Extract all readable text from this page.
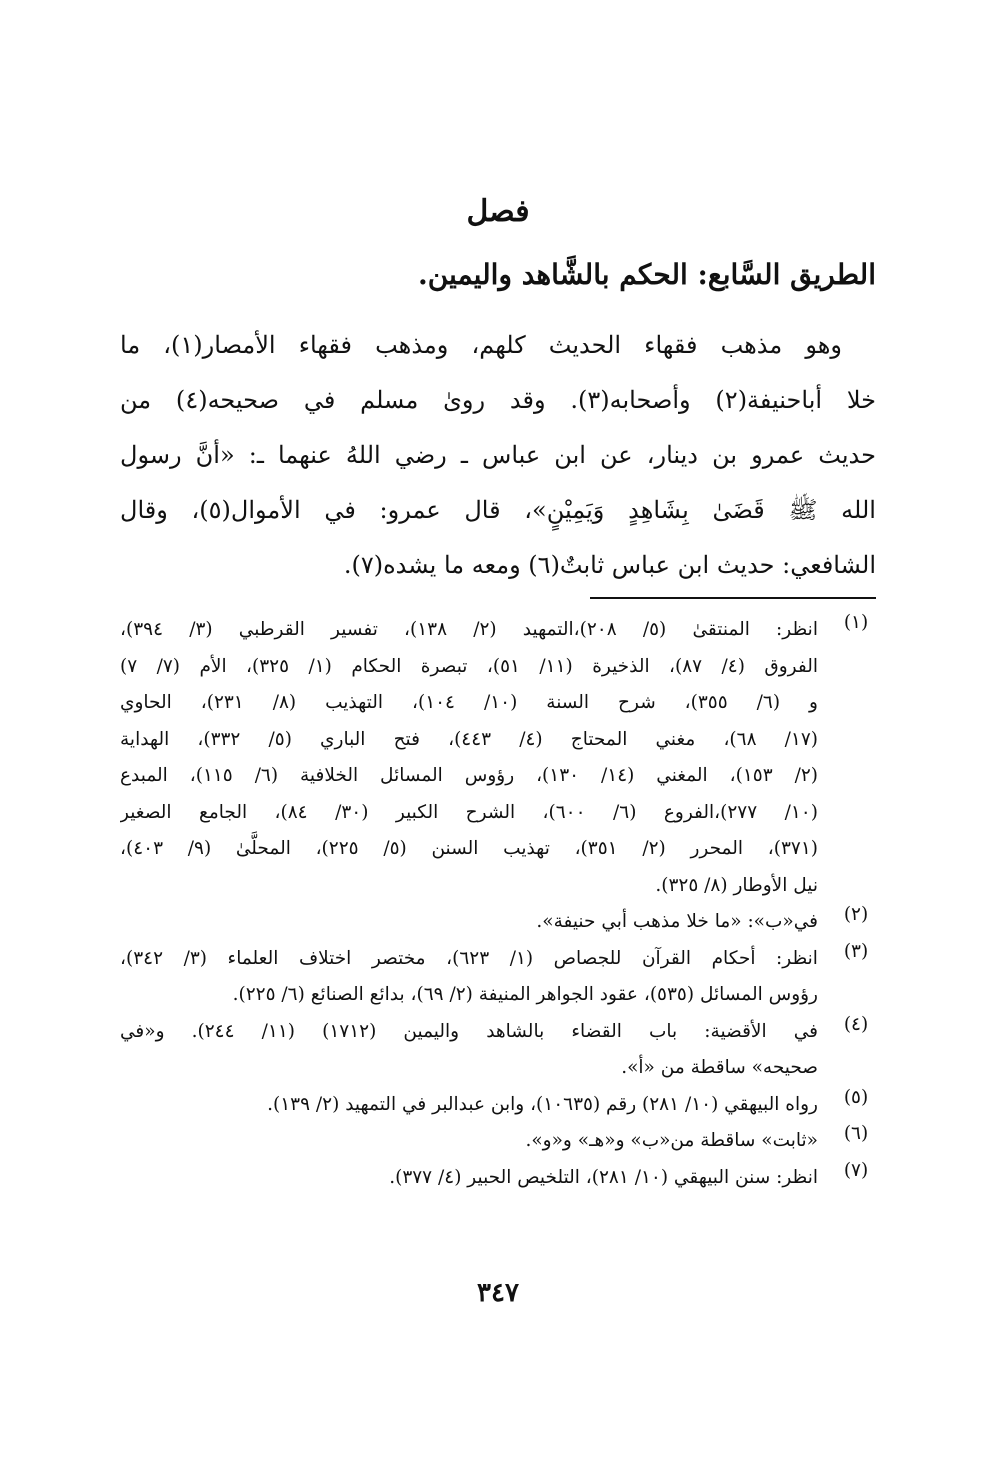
فصل
الطريق السَّابع: الحكم بالشَّاهد واليمين.
وهو مذهب فقهاء الحديث كلهم، ومذهب فقهاء الأمصار(١)، ما
خلا أباحنيفة(٢) وأصحابه(٣). وقد روىٰ مسلم في صحيحه(٤) من
حديث عمرو بن دينار، عن ابن عباس ـ رضي اللهُ عنهما ـ: «أنَّ رسول
الله ﷺ قَضَىٰ بِشَاهِدٍ وَيَمِيْنٍ»، قال عمرو: في الأموال(٥)، وقال
الشافعي: حديث ابن عباس ثابتٌ(٦) ومعه ما يشده(٧).
(١)
انظر: المنتقىٰ (٥/ ٢٠٨)،التمهيد (٢/ ١٣٨)، تفسير القرطبي (٣/ ٣٩٤)،
الفروق (٤/ ٨٧)، الذخيرة (١١/ ٥١)، تبصرة الحكام (١/ ٣٢٥)، الأم (٧/ ٧)
و (٦/ ٣٥٥)، شرح السنة (١٠/ ١٠٤)، التهذيب (٨/ ٢٣١)، الحاوي
(١٧/ ٦٨)، مغني المحتاج (٤/ ٤٤٣)، فتح الباري (٥/ ٣٣٢)، الهداية
(٢/ ١٥٣)، المغني (١٤/ ١٣٠)، رؤوس المسائل الخلافية (٦/ ١١٥)، المبدع
(١٠/ ٢٧٧)،الفروع (٦/ ٦٠٠)، الشرح الكبير (٣٠/ ٨٤)، الجامع الصغير
(٣٧١)، المحرر (٢/ ٣٥١)، تهذيب السنن (٥/ ٢٢٥)، المحلَّىٰ (٩/ ٤٠٣)،
نيل الأوطار (٨/ ٣٢٥).
(٢)
في«ب»: «ما خلا مذهب أبي حنيفة».
(٣)
انظر: أحكام القرآن للجصاص (١/ ٦٢٣)، مختصر اختلاف العلماء (٣/ ٣٤٢)،
رؤوس المسائل (٥٣٥)، عقود الجواهر المنيفة (٢/ ٦٩)، بدائع الصنائع (٦/ ٢٢٥).
(٤)
في الأقضية: باب القضاء بالشاهد واليمين (١٧١٢) (١١/ ٢٤٤). و«في
صحيحه» ساقطة من «أ».
(٥)
رواه البيهقي (١٠/ ٢٨١) رقم (١٠٦٣٥)، وابن عبدالبر في التمهيد (٢/ ١٣٩).
(٦)
«ثابت» ساقطة من«ب» و«هـ» و«و».
(٧)
انظر: سنن البيهقي (١٠/ ٢٨١)، التلخيص الحبير (٤/ ٣٧٧).
٣٤٧
